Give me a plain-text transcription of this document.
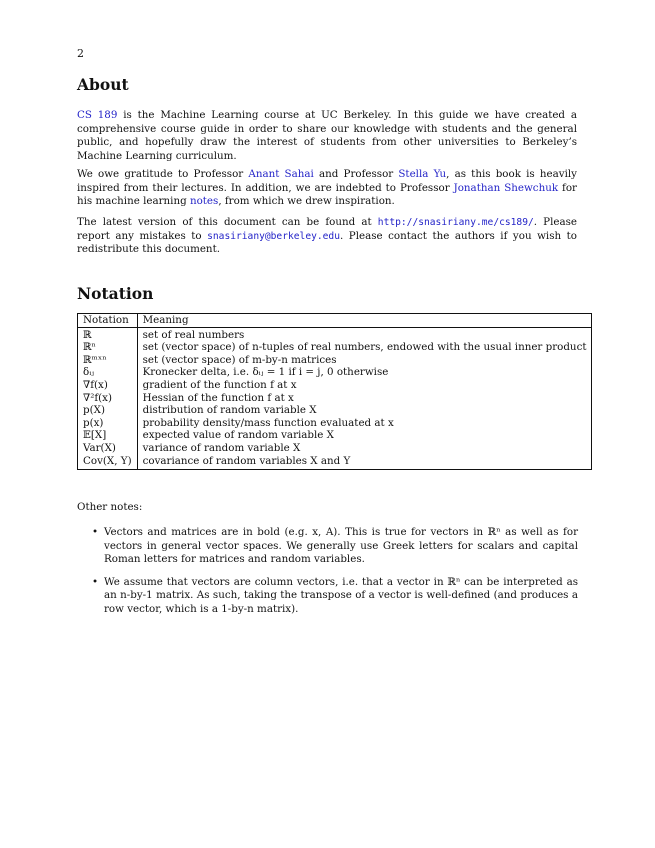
2
About

CS 189 is the Machine Learning course at UC Berkeley. In this guide we have created a comprehensive course guide in order to share our knowledge with students and the general public, and hopefully draw the interest of students from other universities to Berkeley’s Machine Learning curriculum.

We owe gratitude to Professor Anant Sahai and Professor Stella Yu, as this book is heavily inspired from their lectures. In addition, we are indebted to Professor Jonathan Shewchuk for his machine learning notes, from which we drew inspiration.

The latest version of this document can be found at http://snasiriany.me/cs189/. Please report any mistakes to snasiriany@berkeley.edu. Please contact the authors if you wish to redistribute this document.

Notation
Notation	Meaning
ℝ	set of real numbers
ℝⁿ	set (vector space) of n-tuples of real numbers, endowed with the usual inner product
ℝᵐˣⁿ	set (vector space) of m-by-n matrices
δᵢⱼ	Kronecker delta, i.e. δᵢⱼ = 1 if i = j, 0 otherwise
∇f(x)	gradient of the function f at x
∇²f(x)	Hessian of the function f at x
p(X)	distribution of random variable X
p(x)	probability density/mass function evaluated at x
𝔼[X]	expected value of random variable X
Var(X)	variance of random variable X
Cov(X, Y)	covariance of random variables X and Y

Other notes:

• Vectors and matrices are in bold (e.g. x, A). This is true for vectors in ℝⁿ as well as for vectors in general vector spaces. We generally use Greek letters for scalars and capital Roman letters for matrices and random variables.
• We assume that vectors are column vectors, i.e. that a vector in ℝⁿ can be interpreted as an n-by-1 matrix. As such, taking the transpose of a vector is well-defined (and produces a row vector, which is a 1-by-n matrix).
